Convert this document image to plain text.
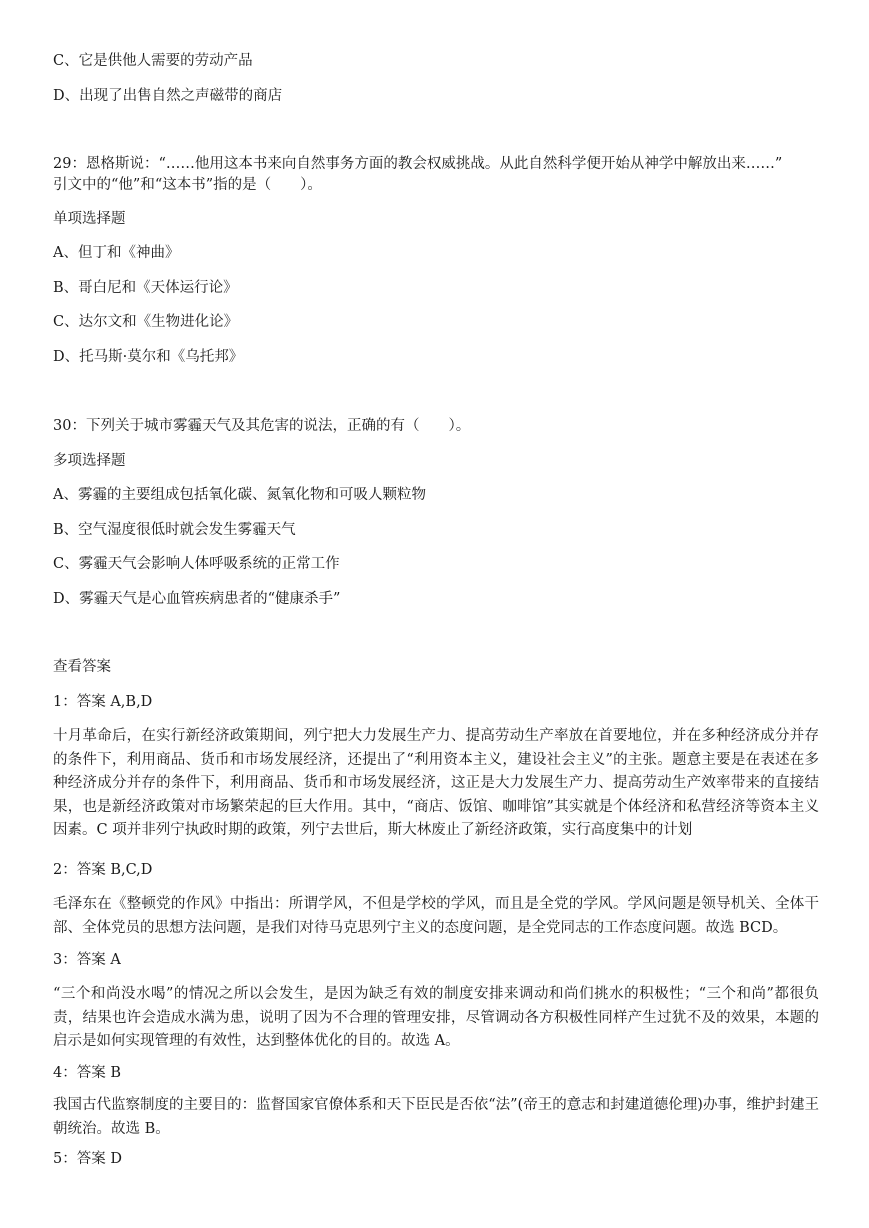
C、它是供他人需要的劳动产品
D、出现了出售自然之声磁带的商店
29：恩格斯说：“……他用这本书来向自然事务方面的教会权威挑战。从此自然科学便开始从神学中解放出来……”
引文中的“他”和“这本书”指的是（　　）。
单项选择题
A、但丁和《神曲》
B、哥白尼和《天体运行论》
C、达尔文和《生物进化论》
D、托马斯·莫尔和《乌托邦》
30：下列关于城市雾霾天气及其危害的说法，正确的有（　　）。
多项选择题
A、雾霾的主要组成包括氧化碳、氮氧化物和可吸人颗粒物
B、空气湿度很低时就会发生雾霾天气
C、雾霾天气会影响人体呼吸系统的正常工作
D、雾霾天气是心血管疾病患者的“健康杀手”
查看答案
1：答案 A,B,D
十月革命后，在实行新经济政策期间，列宁把大力发展生产力、提高劳动生产率放在首要地位，并在多种经济成分并存的条件下，利用商品、货币和市场发展经济，还提出了“利用资本主义，建设社会主义”的主张。题意主要是在表述在多种经济成分并存的条件下，利用商品、货币和市场发展经济，这正是大力发展生产力、提高劳动生产效率带来的直接结果，也是新经济政策对市场繁荣起的巨大作用。其中，“商店、饭馆、咖啡馆”其实就是个体经济和私营经济等资本主义因素。C 项并非列宁执政时期的政策，列宁去世后，斯大林废止了新经济政策，实行高度集中的计划
2：答案 B,C,D
毛泽东在《整顿党的作风》中指出：所谓学风，不但是学校的学风，而且是全党的学风。学风问题是领导机关、全体干部、全体党员的思想方法问题，是我们对待马克思列宁主义的态度问题，是全党同志的工作态度问题。故选 BCD。
3：答案 A
“三个和尚没水喝”的情况之所以会发生，是因为缺乏有效的制度安排来调动和尚们挑水的积极性；“三个和尚”都很负责，结果也许会造成水满为患，说明了因为不合理的管理安排，尽管调动各方积极性同样产生过犹不及的效果，本题的启示是如何实现管理的有效性，达到整体优化的目的。故选 A。
4：答案 B
我国古代监察制度的主要目的：监督国家官僚体系和天下臣民是否依“法”(帝王的意志和封建道德伦理)办事，维护封建王朝统治。故选 B。
5：答案 D
